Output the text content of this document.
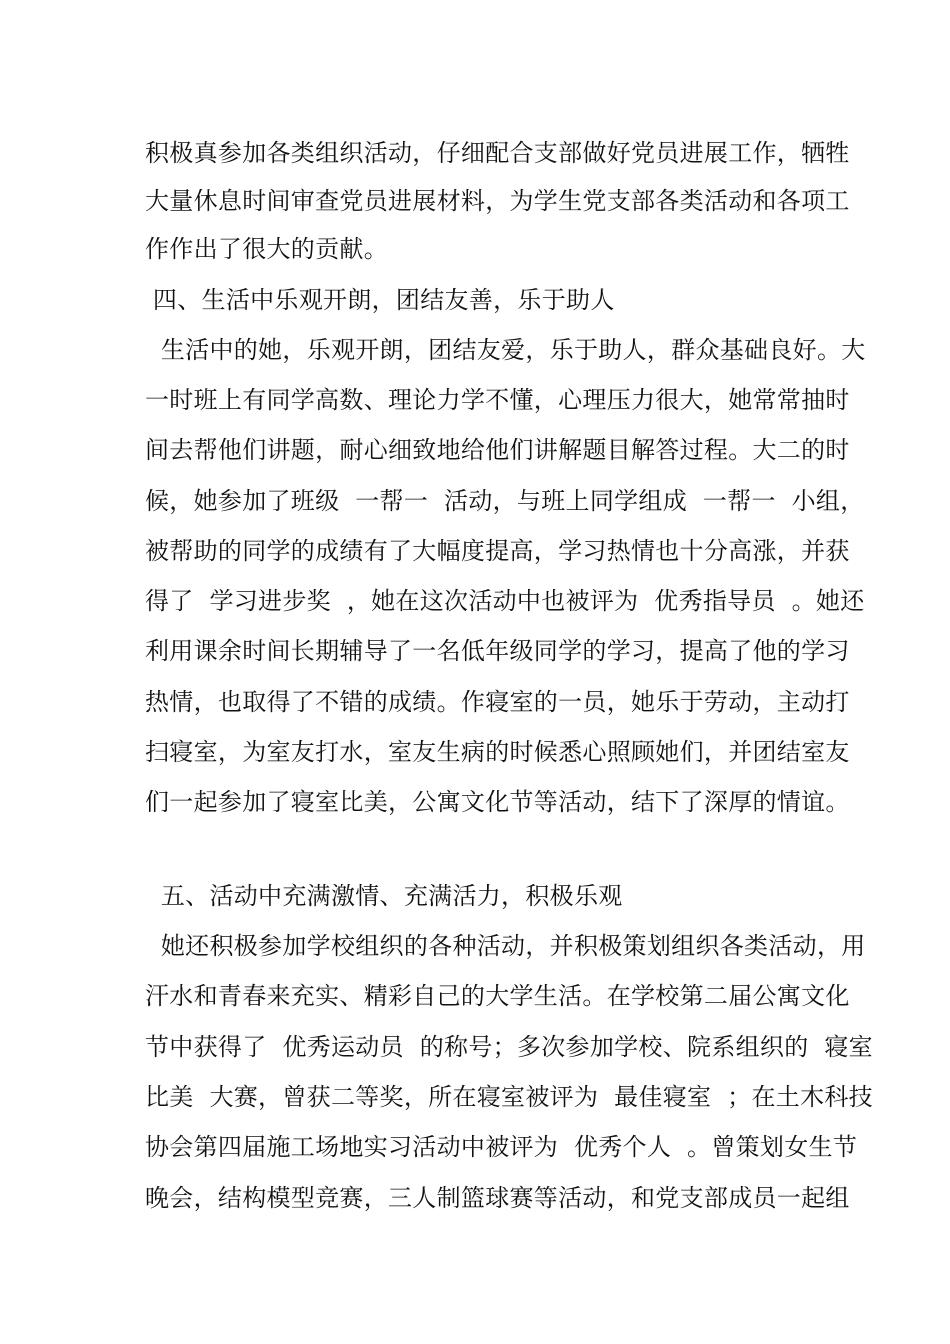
积极真参加各类组织活动，仔细配合支部做好党员进展工作，牺牲
大量休息时间审查党员进展材料，为学生党支部各类活动和各项工
作作出了很大的贡献。
四、生活中乐观开朗，团结友善，乐于助人
生活中的她，乐观开朗，团结友爱，乐于助人，群众基础良好。大
一时班上有同学高数、理论力学不懂，心理压力很大，她常常抽时
间去帮他们讲题，耐心细致地给他们讲解题目解答过程。大二的时
候，她参加了班级  一帮一  活动，与班上同学组成  一帮一  小组，
被帮助的同学的成绩有了大幅度提高，学习热情也十分高涨，并获
得了  学习进步奖  ，她在这次活动中也被评为  优秀指导员  。她还
利用课余时间长期辅导了一名低年级同学的学习，提高了他的学习
热情，也取得了不错的成绩。作寝室的一员，她乐于劳动，主动打
扫寝室，为室友打水，室友生病的时候悉心照顾她们，并团结室友
们一起参加了寝室比美，公寓文化节等活动，结下了深厚的情谊。
五、活动中充满激情、充满活力，积极乐观
她还积极参加学校组织的各种活动，并积极策划组织各类活动，用
汗水和青春来充实、精彩自己的大学生活。在学校第二届公寓文化
节中获得了  优秀运动员  的称号；多次参加学校、院系组织的  寝室
比美  大赛，曾获二等奖，所在寝室被评为  最佳寝室  ；在土木科技
协会第四届施工场地实习活动中被评为  优秀个人  。曾策划女生节
晚会，结构模型竞赛，三人制篮球赛等活动，和党支部成员一起组
